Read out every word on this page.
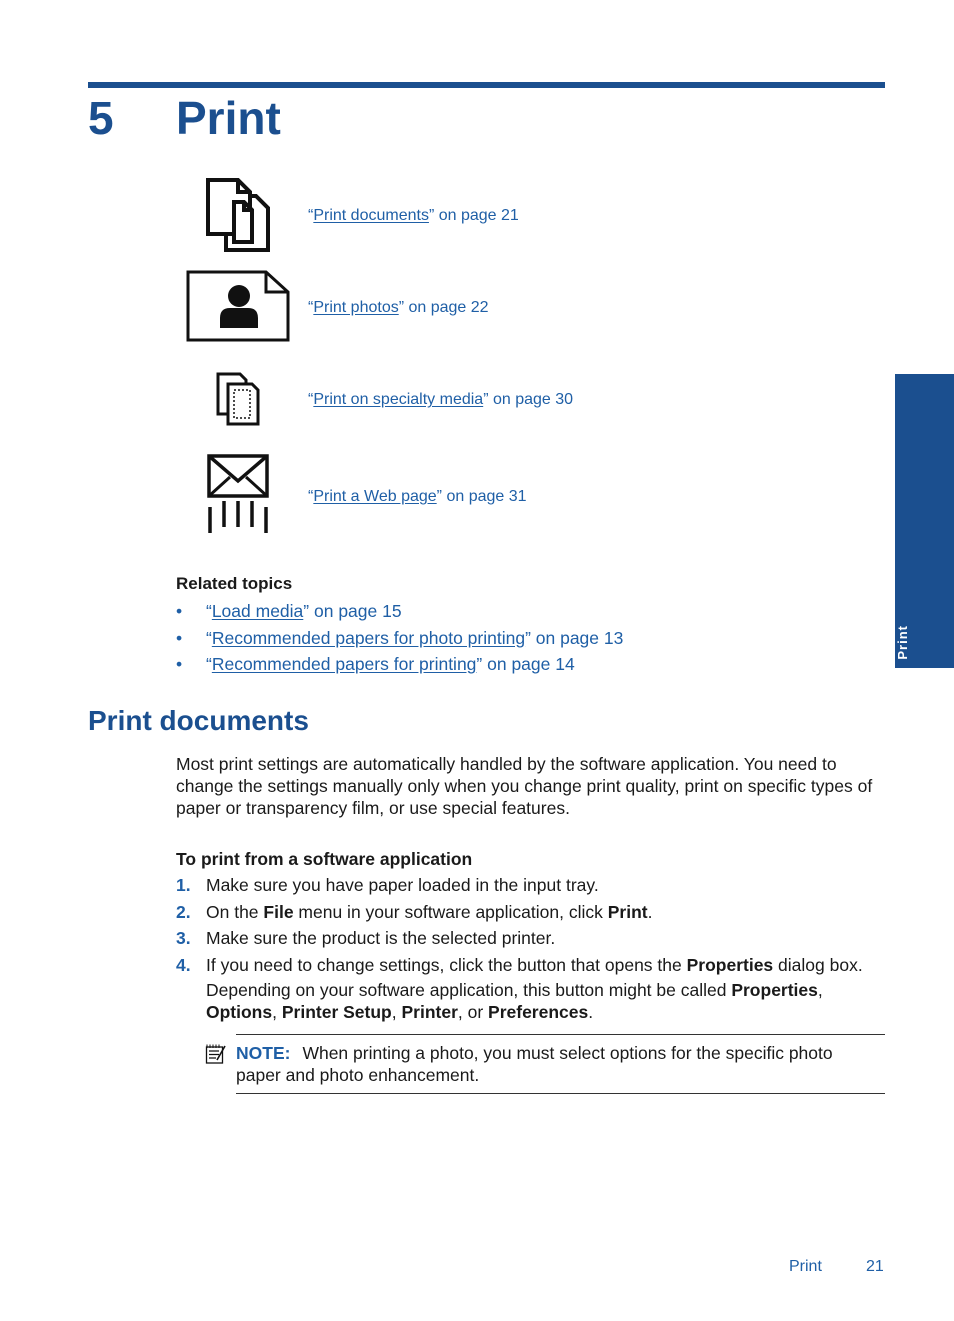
5 Print
“Print documents” on page 21
“Print photos” on page 22
“Print on specialty media” on page 30
“Print a Web page” on page 31
Print
Related topics
• “Load media” on page 15
• “Recommended papers for photo printing” on page 13
• “Recommended papers for printing” on page 14
Print documents
Most print settings are automatically handled by the software application. You need to change the settings manually only when you change print quality, print on specific types of paper or transparency film, or use special features.
To print from a software application
1. Make sure you have paper loaded in the input tray.
2. On the File menu in your software application, click Print.
3. Make sure the product is the selected printer.
4. If you need to change settings, click the button that opens the Properties dialog box.
Depending on your software application, this button might be called Properties, Options, Printer Setup, Printer, or Preferences.
NOTE: When printing a photo, you must select options for the specific photo paper and photo enhancement.
Print	21
